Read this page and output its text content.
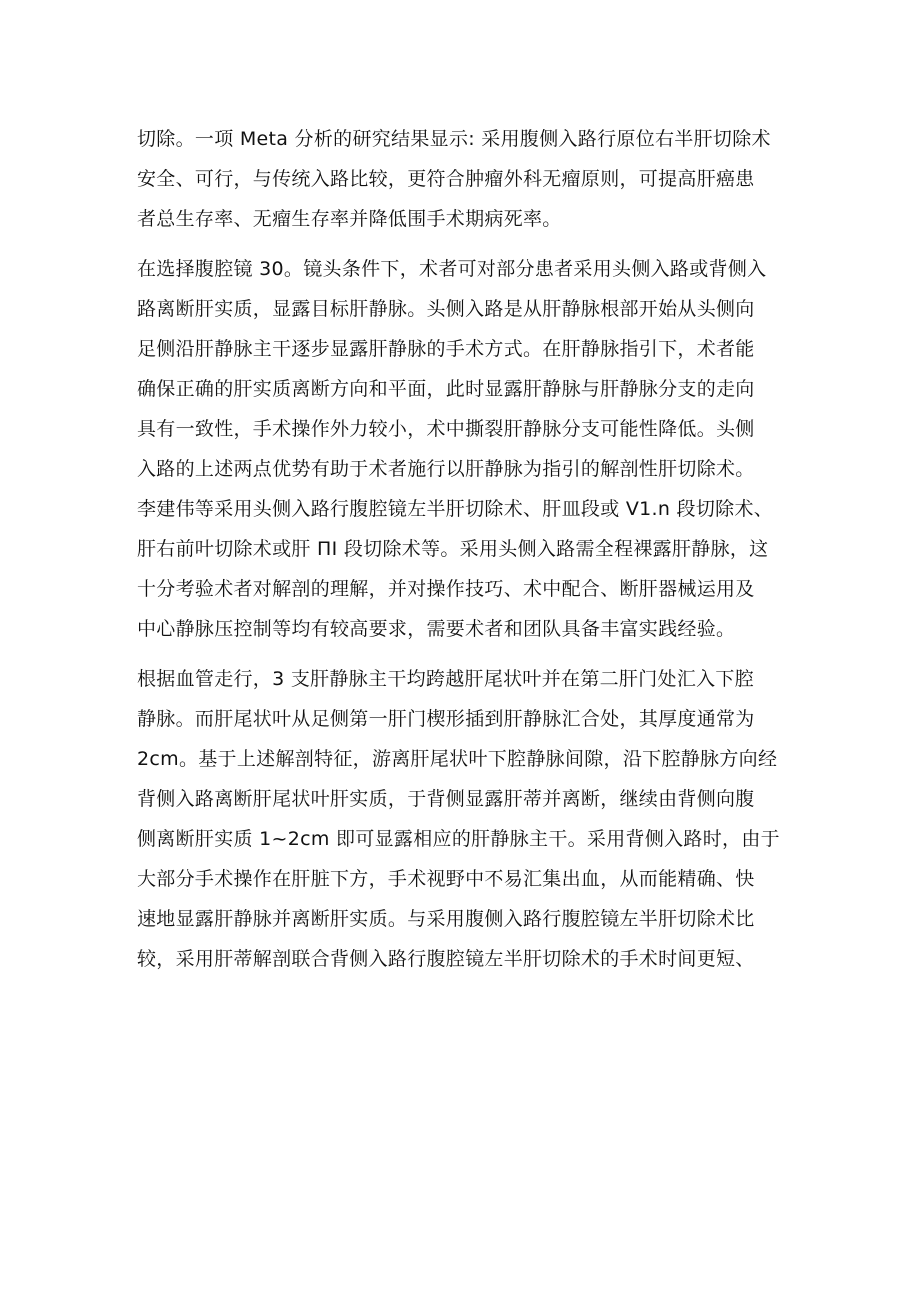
切除。一项 Meta 分析的研究结果显示: 采用腹侧入路行原位右半肝切除术
安全、可行，与传统入路比较，更符合肿瘤外科无瘤原则，可提高肝癌患
者总生存率、无瘤生存率并降低围手术期病死率。
在选择腹腔镜 30。镜头条件下，术者可对部分患者采用头侧入路或背侧入
路离断肝实质，显露目标肝静脉。头侧入路是从肝静脉根部开始从头侧向
足侧沿肝静脉主干逐步显露肝静脉的手术方式。在肝静脉指引下，术者能
确保正确的肝实质离断方向和平面，此时显露肝静脉与肝静脉分支的走向
具有一致性，手术操作外力较小，术中撕裂肝静脉分支可能性降低。头侧
入路的上述两点优势有助于术者施行以肝静脉为指引的解剖性肝切除术。
李建伟等采用头侧入路行腹腔镜左半肝切除术、肝皿段或 V1.n 段切除术、
肝右前叶切除术或肝 ΠI 段切除术等。采用头侧入路需全程裸露肝静脉，这
十分考验术者对解剖的理解，并对操作技巧、术中配合、断肝器械运用及
中心静脉压控制等均有较高要求，需要术者和团队具备丰富实践经验。
根据血管走行，3 支肝静脉主干均跨越肝尾状叶并在第二肝门处汇入下腔
静脉。而肝尾状叶从足侧第一肝门楔形插到肝静脉汇合处，其厚度通常为
2cm。基于上述解剖特征，游离肝尾状叶下腔静脉间隙，沿下腔静脉方向经
背侧入路离断肝尾状叶肝实质，于背侧显露肝蒂并离断，继续由背侧向腹
侧离断肝实质 1~2cm 即可显露相应的肝静脉主干。采用背侧入路时，由于
大部分手术操作在肝脏下方，手术视野中不易汇集出血，从而能精确、快
速地显露肝静脉并离断肝实质。与采用腹侧入路行腹腔镜左半肝切除术比
较，采用肝蒂解剖联合背侧入路行腹腔镜左半肝切除术的手术时间更短、
